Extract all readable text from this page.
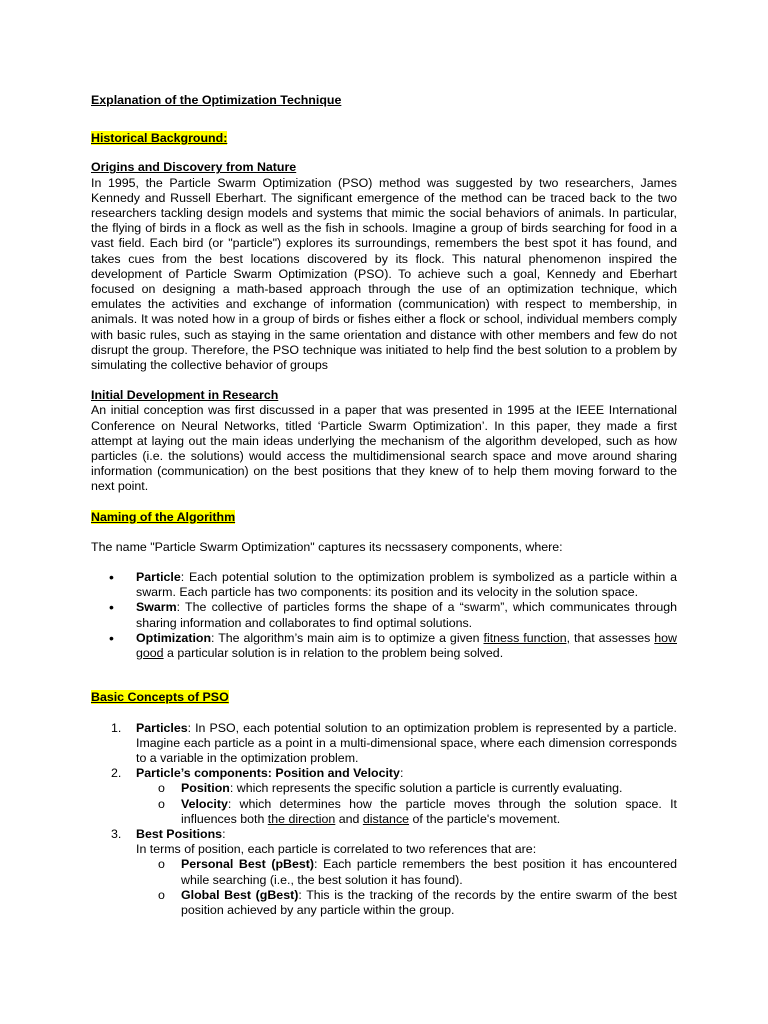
Explanation of the Optimization Technique

Historical Background:

Origins and Discovery from Nature

In 1995, the Particle Swarm Optimization (PSO) method was suggested by two researchers, James Kennedy and Russell Eberhart. The significant emergence of the method can be traced back to the two researchers tackling design models and systems that mimic the social behaviors of animals. In particular, the flying of birds in a flock as well as the fish in schools. Imagine a group of birds searching for food in a vast field. Each bird (or "particle") explores its surroundings, remembers the best spot it has found, and takes cues from the best locations discovered by its flock. This natural phenomenon inspired the development of Particle Swarm Optimization (PSO). To achieve such a goal, Kennedy and Eberhart focused on designing a math-based approach through the use of an optimization technique, which emulates the activities and exchange of information (communication) with respect to membership, in animals. It was noted how in a group of birds or fishes either a flock or school, individual members comply with basic rules, such as staying in the same orientation and distance with other members and few do not disrupt the group. Therefore, the PSO technique was initiated to help find the best solution to a problem by simulating the collective behavior of groups

Initial Development in Research

An initial conception was first discussed in a paper that was presented in 1995 at the IEEE International Conference on Neural Networks, titled ‘Particle Swarm Optimization’. In this paper, they made a first attempt at laying out the main ideas underlying the mechanism of the algorithm developed, such as how particles (i.e. the solutions) would access the multidimensional search space and move around sharing information (communication) on the best positions that they knew of to help them moving forward to the next point.

Naming of the Algorithm

The name "Particle Swarm Optimization" captures its necssasery components, where:

• Particle: Each potential solution to the optimization problem is symbolized as a particle within a swarm. Each particle has two components: its position and its velocity in the solution space.
• Swarm: The collective of particles forms the shape of a “swarm”, which communicates through sharing information and collaborates to find optimal solutions.
• Optimization: The algorithm’s main aim is to optimize a given fitness function, that assesses how good a particular solution is in relation to the problem being solved.

Basic Concepts of PSO

1. Particles: In PSO, each potential solution to an optimization problem is represented by a particle. Imagine each particle as a point in a multi-dimensional space, where each dimension corresponds to a variable in the optimization problem.
2. Particle’s components: Position and Velocity:
o Position: which represents the specific solution a particle is currently evaluating.
o Velocity: which determines how the particle moves through the solution space. It influences both the direction and distance of the particle's movement.
3. Best Positions:
In terms of position, each particle is correlated to two references that are:
o Personal Best (pBest): Each particle remembers the best position it has encountered while searching (i.e., the best solution it has found).
o Global Best (gBest): This is the tracking of the records by the entire swarm of the best position achieved by any particle within the group.
